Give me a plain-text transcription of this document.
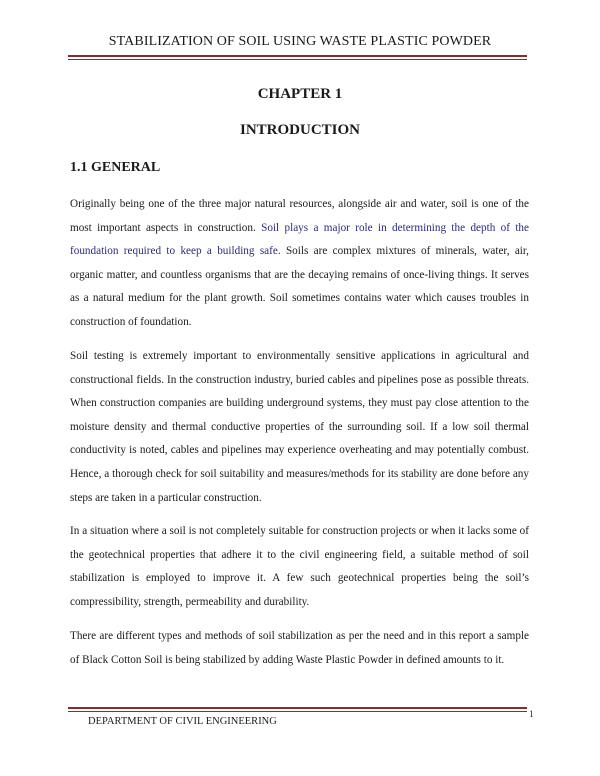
STABILIZATION OF SOIL USING WASTE PLASTIC POWDER
CHAPTER 1
INTRODUCTION
1.1 GENERAL

Originally being one of the three major natural resources, alongside air and water, soil is one of the most important aspects in construction. Soil plays a major role in determining the depth of the foundation required to keep a building safe. Soils are complex mixtures of minerals, water, air, organic matter, and countless organisms that are the decaying remains of once-living things. It serves as a natural medium for the plant growth. Soil sometimes contains water which causes troubles in construction of foundation.

Soil testing is extremely important to environmentally sensitive applications in agricultural and constructional fields. In the construction industry, buried cables and pipelines pose as possible threats. When construction companies are building underground systems, they must pay close attention to the moisture density and thermal conductive properties of the surrounding soil. If a low soil thermal conductivity is noted, cables and pipelines may experience overheating and may potentially combust. Hence, a thorough check for soil suitability and measures/methods for its stability are done before any steps are taken in a particular construction.

In a situation where a soil is not completely suitable for construction projects or when it lacks some of the geotechnical properties that adhere it to the civil engineering field, a suitable method of soil stabilization is employed to improve it. A few such geotechnical properties being the soil’s compressibility, strength, permeability and durability.

There are different types and methods of soil stabilization as per the need and in this report a sample of Black Cotton Soil is being stabilized by adding Waste Plastic Powder in defined amounts to it.

DEPARTMENT OF CIVIL ENGINEERING
1
